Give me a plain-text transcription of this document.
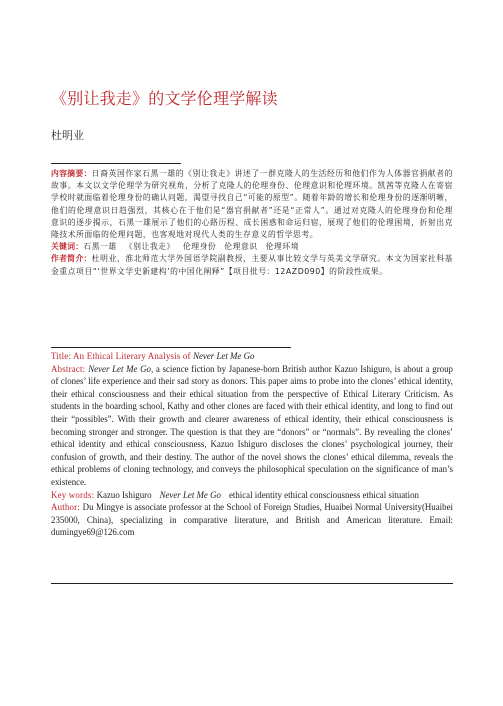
《别让我走》的文学伦理学解读
杜明业

内容摘要：日裔英国作家石黑一雄的《别让我走》讲述了一群克隆人的生活经历和他们作为人体器官捐献者的故事。本文以文学伦理学为研究视角，分析了克隆人的伦理身份、伦理意识和伦理环境。凯茜等克隆人在寄宿学校时就面临着伦理身份的确认问题，渴望寻找自己“可能的原型”。随着年龄的增长和伦理身份的逐渐明晰，他们的伦理意识日趋强烈，其核心在于他们是“器官捐献者”还是“正常人”。通过对克隆人的伦理身份和伦理意识的逐步揭示，石黑一雄展示了他们的心路历程、成长困惑和命运归宿，展现了他们的伦理困境，折射出克隆技术所面临的伦理问题，也客观地对现代人类的生存意义的哲学思考。

关键词：石黑一雄 《别让我走》 伦理身份 伦理意识 伦理环境

作者简介：杜明业，淮北师范大学外国语学院副教授，主要从事比较文学与英美文学研究。本文为国家社科基金重点项目“‘世界文学史新建构’的中国化阐释”【项目批号：12AZD090】的阶段性成果。

Title: An Ethical Literary Analysis of Never Let Me Go

Abstract: Never Let Me Go, a science fiction by Japanese-born British author Kazuo Ishiguro, is about a group of clones’ life experience and their sad story as donors. This paper aims to probe into the clones’ ethical identity, their ethical consciousness and their ethical situation from the perspective of Ethical Literary Criticism. As students in the boarding school, Kathy and other clones are faced with their ethical identity, and long to find out their “possibles”. With their growth and clearer awareness of ethical identity, their ethical consciousness is becoming stronger and stronger. The question is that they are “donors” or “normals”. By revealing the clones’ ethical identity and ethical consciousness, Kazuo Ishiguro discloses the clones’ psychological journey, their confusion of growth, and their destiny. The author of the novel shows the clones’ ethical dilemma, reveals the ethical problems of cloning technology, and conveys the philosophical speculation on the significance of man’s existence.

Key words: Kazuo Ishiguro Never Let Me Go ethical identity ethical consciousness ethical situation

Author: Du Mingye is associate professor at the School of Foreign Studies, Huaibei Normal University(Huaibei 235000, China), specializing in comparative literature, and British and American literature. Email: dumingye69@126.com
